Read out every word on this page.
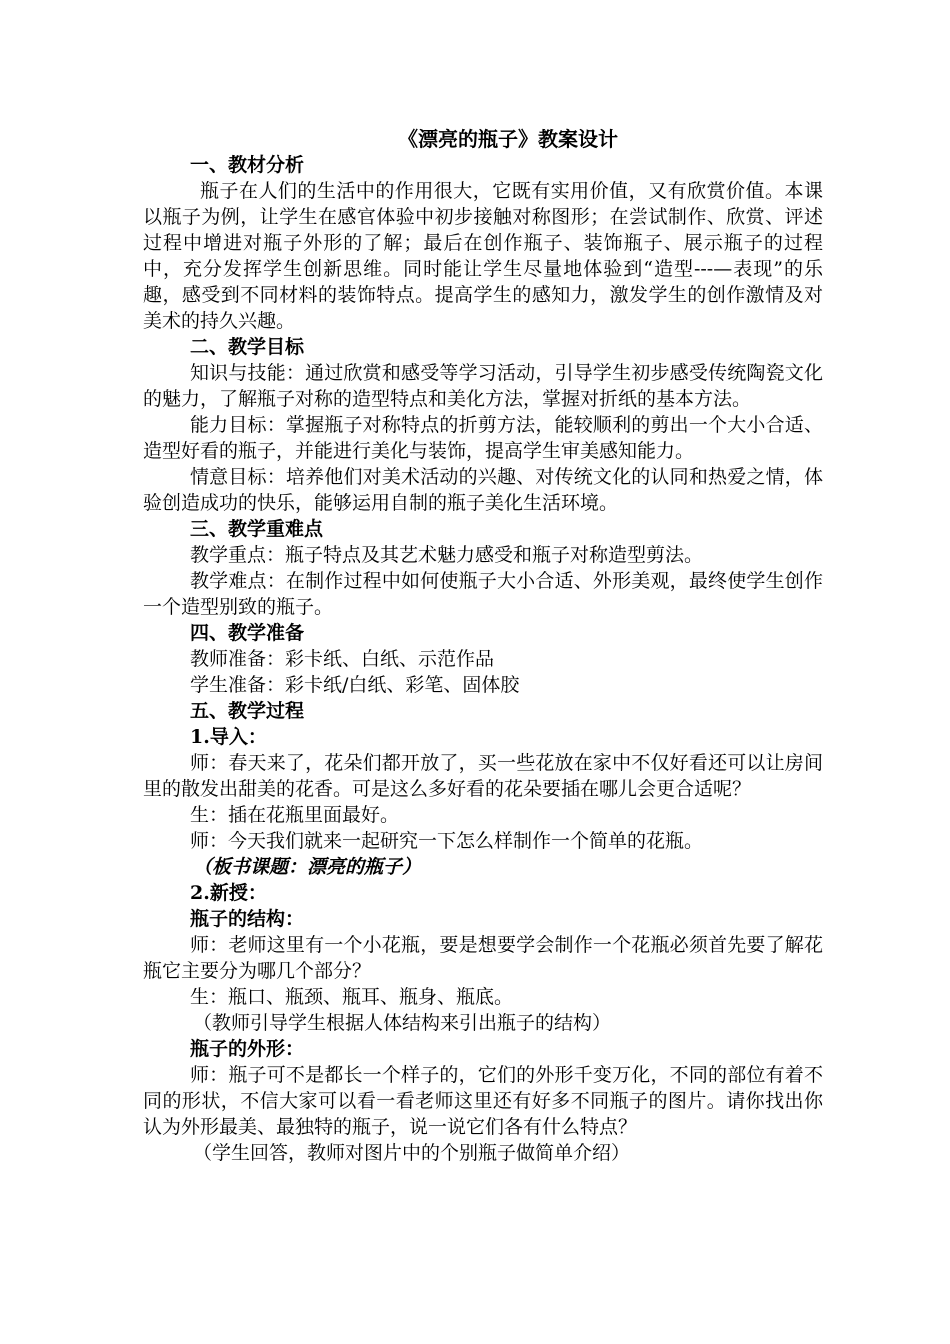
《漂亮的瓶子》教案设计
一、教材分析
瓶子在人们的生活中的作用很大，它既有实用价值，又有欣赏价值。本课以瓶子为例，让学生在感官体验中初步接触对称图形；在尝试制作、欣赏、评述过程中增进对瓶子外形的了解；最后在创作瓶子、装饰瓶子、展示瓶子的过程中，充分发挥学生创新思维。同时能让学生尽量地体验到“造型---—表现”的乐趣，感受到不同材料的装饰特点。提高学生的感知力，激发学生的创作激情及对美术的持久兴趣。
二、教学目标
知识与技能：通过欣赏和感受等学习活动，引导学生初步感受传统陶瓷文化的魅力，了解瓶子对称的造型特点和美化方法，掌握对折纸的基本方法。
能力目标：掌握瓶子对称特点的折剪方法，能较顺利的剪出一个大小合适、造型好看的瓶子，并能进行美化与装饰，提高学生审美感知能力。
情意目标：培养他们对美术活动的兴趣、对传统文化的认同和热爱之情，体验创造成功的快乐，能够运用自制的瓶子美化生活环境。
三、教学重难点
教学重点：瓶子特点及其艺术魅力感受和瓶子对称造型剪法。
教学难点：在制作过程中如何使瓶子大小合适、外形美观，最终使学生创作一个造型别致的瓶子。
四、教学准备
教师准备：彩卡纸、白纸、示范作品
学生准备：彩卡纸/白纸、彩笔、固体胶
五、教学过程
1.导入：
师：春天来了，花朵们都开放了，买一些花放在家中不仅好看还可以让房间里的散发出甜美的花香。可是这么多好看的花朵要插在哪儿会更合适呢？
生：插在花瓶里面最好。
师：今天我们就来一起研究一下怎么样制作一个简单的花瓶。
（板书课题：漂亮的瓶子）
2.新授：
瓶子的结构：
师：老师这里有一个小花瓶，要是想要学会制作一个花瓶必须首先要了解花瓶它主要分为哪几个部分？
生：瓶口、瓶颈、瓶耳、瓶身、瓶底。
（教师引导学生根据人体结构来引出瓶子的结构）
瓶子的外形：
师：瓶子可不是都长一个样子的，它们的外形千变万化，不同的部位有着不同的形状，不信大家可以看一看老师这里还有好多不同瓶子的图片。请你找出你认为外形最美、最独特的瓶子，说一说它们各有什么特点？
（学生回答，教师对图片中的个别瓶子做简单介绍）
